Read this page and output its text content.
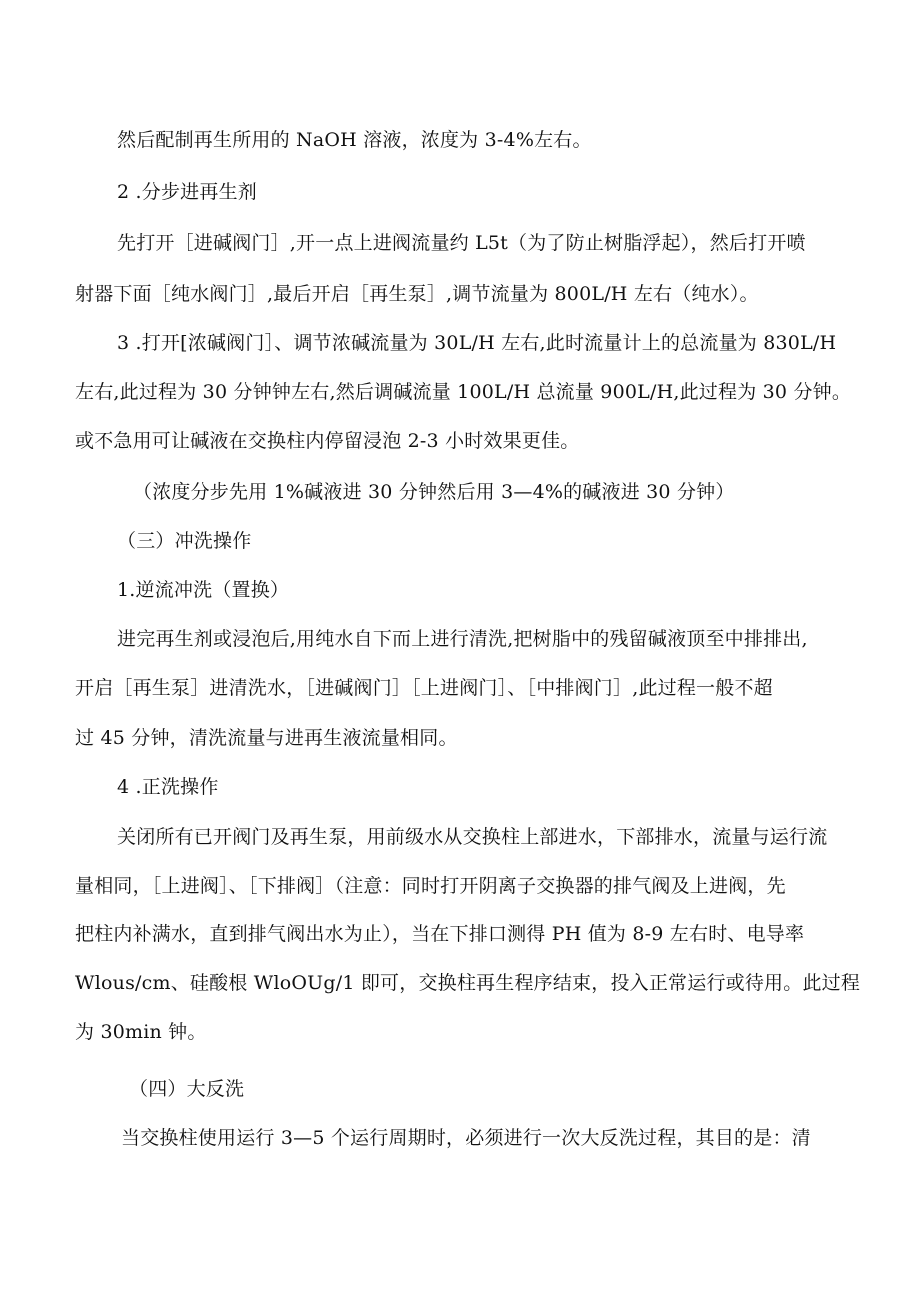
然后配制再生所用的 NaOH 溶液，浓度为 3-4%左右。
2 .分步进再生剂
先打开［进碱阀门］,开一点上进阀流量约 L5t（为了防止树脂浮起），然后打开喷
射器下面［纯水阀门］,最后开启［再生泵］,调节流量为 800L/H 左右（纯水）。
3 .打开[浓碱阀门］、调节浓碱流量为 30L/H 左右,此时流量计上的总流量为 830L/H
左右,此过程为 30 分钟钟左右,然后调碱流量 100L/H 总流量 900L/H,此过程为 30 分钟。
或不急用可让碱液在交换柱内停留浸泡 2-3 小时效果更佳。
（浓度分步先用 1%碱液进 30 分钟然后用 3—4%的碱液进 30 分钟）
（三）冲洗操作
1.逆流冲洗（置换）
进完再生剂或浸泡后,用纯水自下而上进行清洗,把树脂中的残留碱液顶至中排排出,
开启［再生泵］进清洗水，［进碱阀门］［上进阀门］、［中排阀门］,此过程一般不超
过 45 分钟，清洗流量与进再生液流量相同。
4 .正洗操作
关闭所有已开阀门及再生泵，用前级水从交换柱上部进水，下部排水，流量与运行流
量相同，［上进阀］、［下排阀］（注意：同时打开阴离子交换器的排气阀及上进阀，先
把柱内补满水，直到排气阀出水为止），当在下排口测得 PH 值为 8-9 左右时、电导率
Wlous/cm、硅酸根 WloOUg/1 即可，交换柱再生程序结束，投入正常运行或待用。此过程
为 30min 钟。
（四）大反洗
当交换柱使用运行 3—5 个运行周期时，必须进行一次大反洗过程，其目的是：清
